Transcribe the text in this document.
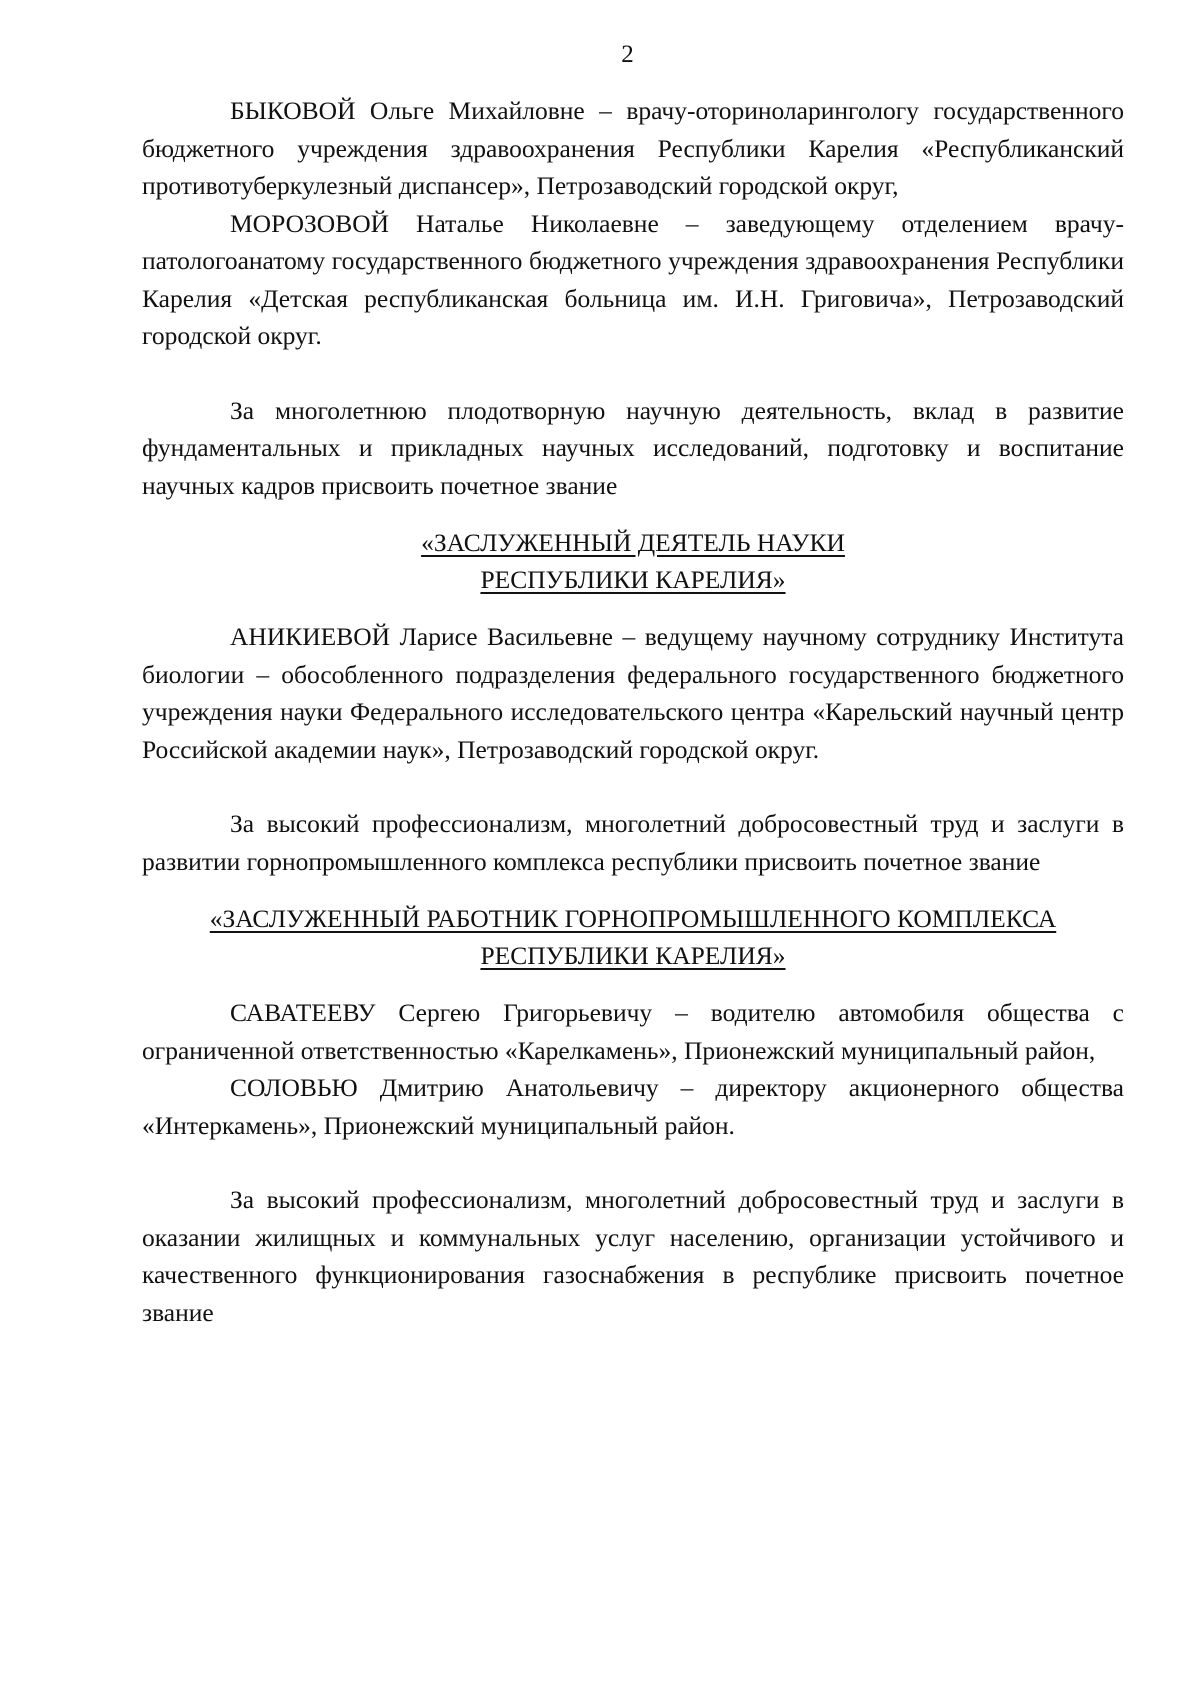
2

БЫКОВОЙ Ольге Михайловне – врачу-оториноларингологу государственного бюджетного учреждения здравоохранения Республики Карелия «Республиканский противотуберкулезный диспансер», Петрозаводский городской округ,

МОРОЗОВОЙ Наталье Николаевне – заведующему отделением врачу-патологоанатому государственного бюджетного учреждения здравоохранения Республики Карелия «Детская республиканская больница им. И.Н. Григовича», Петрозаводский городской округ.

За многолетнюю плодотворную научную деятельность, вклад в развитие фундаментальных и прикладных научных исследований, подготовку и воспитание научных кадров присвоить почетное звание

«ЗАСЛУЖЕННЫЙ ДЕЯТЕЛЬ НАУКИ

РЕСПУБЛИКИ КАРЕЛИЯ»

АНИКИЕВОЙ Ларисе Васильевне – ведущему научному сотруднику Института биологии – обособленного подразделения федерального государственного бюджетного учреждения науки Федерального исследовательского центра «Карельский научный центр Российской академии наук», Петрозаводский городской округ.

За высокий профессионализм, многолетний добросовестный труд и заслуги в развитии горнопромышленного комплекса республики присвоить почетное звание

«ЗАСЛУЖЕННЫЙ РАБОТНИК ГОРНОПРОМЫШЛЕННОГО КОМПЛЕКСА

РЕСПУБЛИКИ КАРЕЛИЯ»

САВАТЕЕВУ Сергею Григорьевичу – водителю автомобиля общества с ограниченной ответственностью «Карелкамень», Прионежский муниципальный район,

СОЛОВЬЮ Дмитрию Анатольевичу – директору акционерного общества «Интеркамень», Прионежский муниципальный район.

За высокий профессионализм, многолетний добросовестный труд и заслуги в оказании жилищных и коммунальных услуг населению, организации устойчивого и качественного функционирования газоснабжения в республике присвоить почетное звание
